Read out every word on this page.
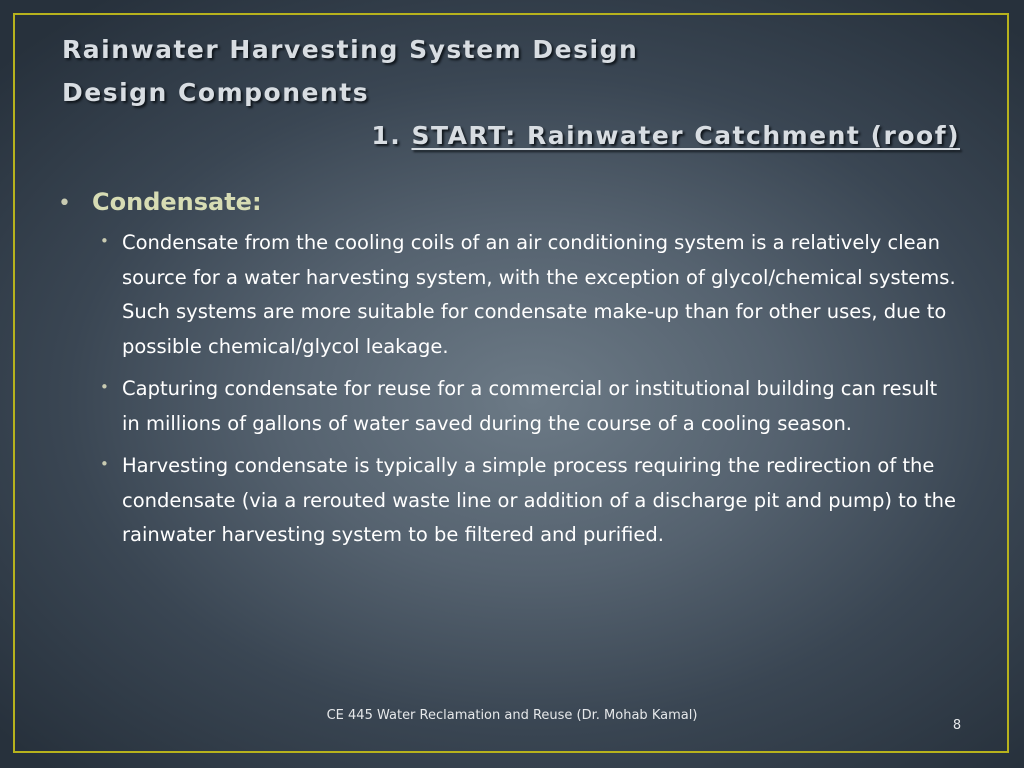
Rainwater Harvesting System Design
Design Components
1. START: Rainwater Catchment (roof)
• Condensate:
• Condensate from the cooling coils of an air conditioning system is a relatively clean source for a water harvesting system, with the exception of glycol/chemical systems. Such systems are more suitable for condensate make-up than for other uses, due to possible chemical/glycol leakage.
• Capturing condensate for reuse for a commercial or institutional building can result in millions of gallons of water saved during the course of a cooling season.
• Harvesting condensate is typically a simple process requiring the redirection of the condensate (via a rerouted waste line or addition of a discharge pit and pump) to the rainwater harvesting system to be filtered and purified.
CE 445 Water Reclamation and Reuse (Dr. Mohab Kamal)
8
